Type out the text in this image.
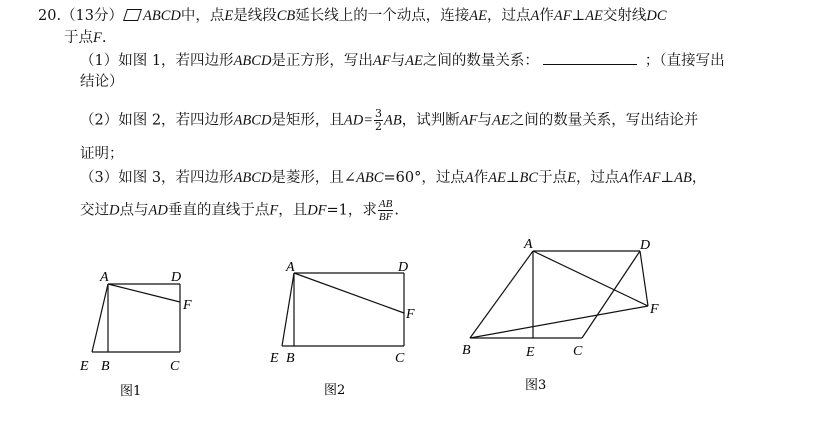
20.（13分） ABCD中，点E是线段CB延长线上的一个动点，连接AE，过点A作AF⊥AE交射线DC
于点F.
（1）如图 1，若四边形ABCD是正方形，写出AF与AE之间的数量关系：	；（直接写出
结论）
（2）如图 2，若四边形ABCD是矩形，且$AD= \frac{3}{2}$ AB，试判断AF与AE之间的数量关系，写出结论并
证明；
（3）如图 3，若四边形ABCD是菱形，且∠ABC=60°，过点A作AE⊥BC于点E，过点A作AF⊥AB，
交过D点与AD垂直的直线于点F，且DF=1，求 $\frac{AB}{BF}$ .
A	D
F
E B	C
图1
A	D
F
E B	C
图2
A	D
F
B	E	C
图3
